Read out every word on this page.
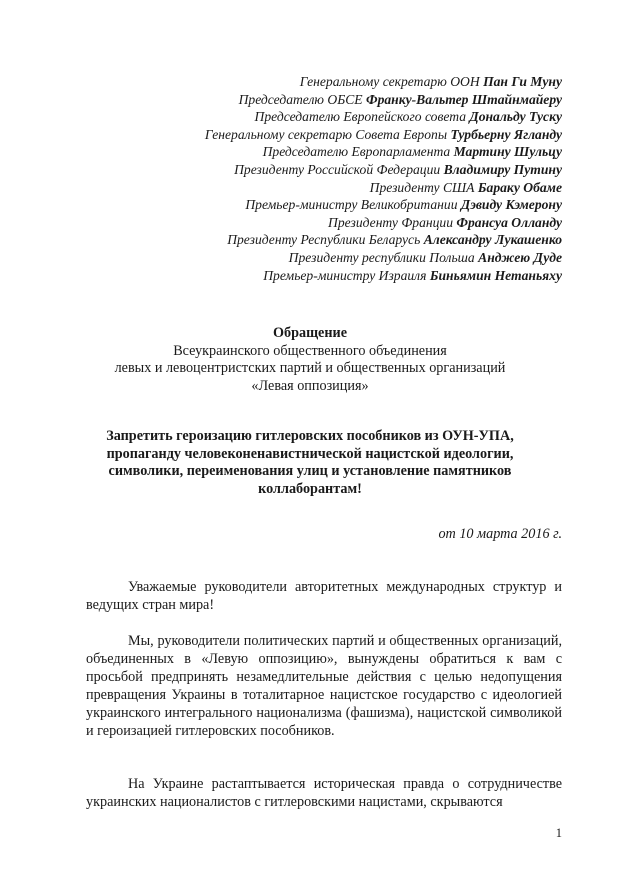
Генеральному секретарю ООН Пан Ги Муну
Председателю ОБСЕ Франку-Вальтер Штайнмайеру
Председателю Европейского совета Дональду Туску
Генеральному секретарю Совета Европы Турбьерну Ягланду
Председателю Европарламента Мартину Шульцу
Президенту Российской Федерации Владимиру Путину
Президенту США Бараку Обаме
Премьер-министру Великобритании Дэвиду Кэмерону
Президенту Франции Франсуа Олланду
Президенту Республики Беларусь Александру Лукашенко
Президенту республики Польша Анджею Дуде
Премьер-министру Израиля Биньямин Нетаньяху
Обращение
Всеукраинского общественного объединения
левых и левоцентристских партий и общественных организаций
«Левая оппозиция»
Запретить героизацию гитлеровских пособников из ОУН-УПА,
пропаганду человеконенавистнической нацистской идеологии,
символики, переименования улиц и установление памятников
коллаборантам!
от 10 марта 2016 г.
Уважаемые руководители авторитетных международных структур и ведущих стран мира!
Мы, руководители политических партий и общественных организаций, объединенных в «Левую оппозицию», вынуждены обратиться к вам с просьбой предпринять незамедлительные действия с целью недопущения превращения Украины в тоталитарное нацистское государство с идеологией украинского интегрального национализма (фашизма), нацистской символикой и героизацией гитлеровских пособников.
На Украине растаптывается историческая правда о сотрудничестве украинских националистов с гитлеровскими нацистами, скрываются
1
